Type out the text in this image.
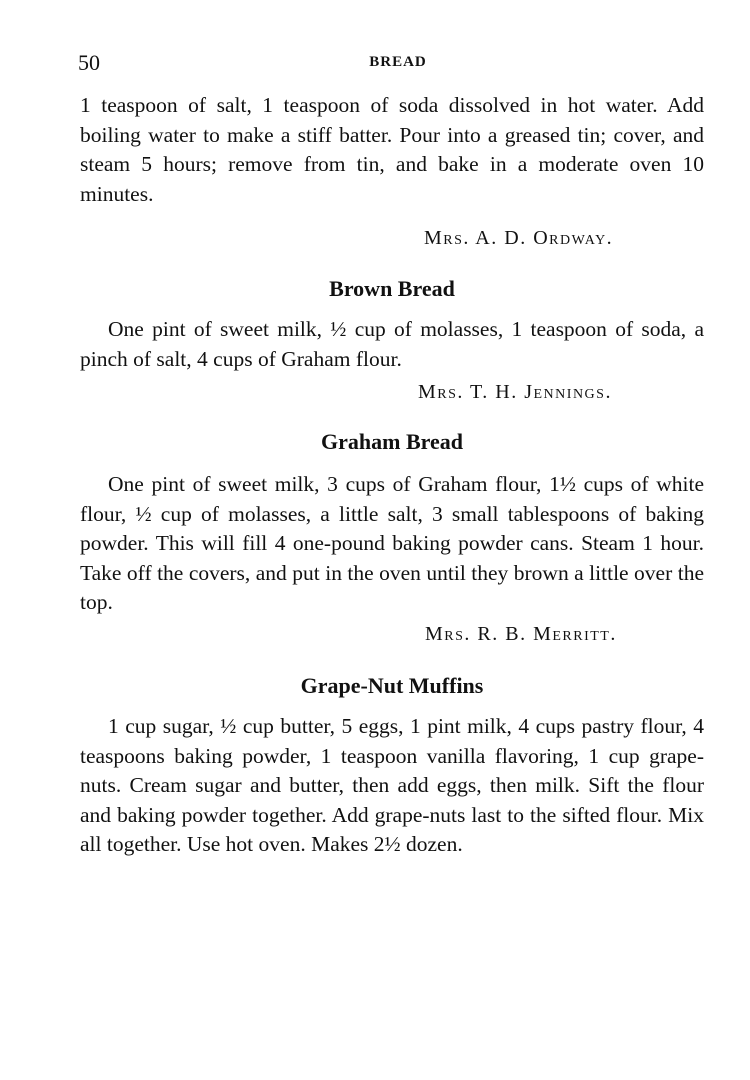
50	BREAD

1 teaspoon of salt, 1 teaspoon of soda dissolved in hot water. Add boiling water to make a stiff batter. Pour into a greased tin; cover, and steam 5 hours; remove from tin, and bake in a moderate oven 10 minutes.

Mrs. A. D. Ordway.
Brown Bread

One pint of sweet milk, ½ cup of molasses, 1 teaspoon of soda, a pinch of salt, 4 cups of Graham flour.

Mrs. T. H. Jennings.
Graham Bread

One pint of sweet milk, 3 cups of Graham flour, 1½ cups of white flour, ½ cup of molasses, a little salt, 3 small tablespoons of baking powder. This will fill 4 one-pound baking powder cans. Steam 1 hour. Take off the covers, and put in the oven until they brown a little over the top.

Mrs. R. B. Merritt.
Grape-Nut Muffins

1 cup sugar, ½ cup butter, 5 eggs, 1 pint milk, 4 cups pastry flour, 4 teaspoons baking powder, 1 teaspoon vanilla flavoring, 1 cup grape-nuts. Cream sugar and butter, then add eggs, then milk. Sift the flour and baking powder together. Add grape-nuts last to the sifted flour. Mix all together. Use hot oven. Makes 2½ dozen.
